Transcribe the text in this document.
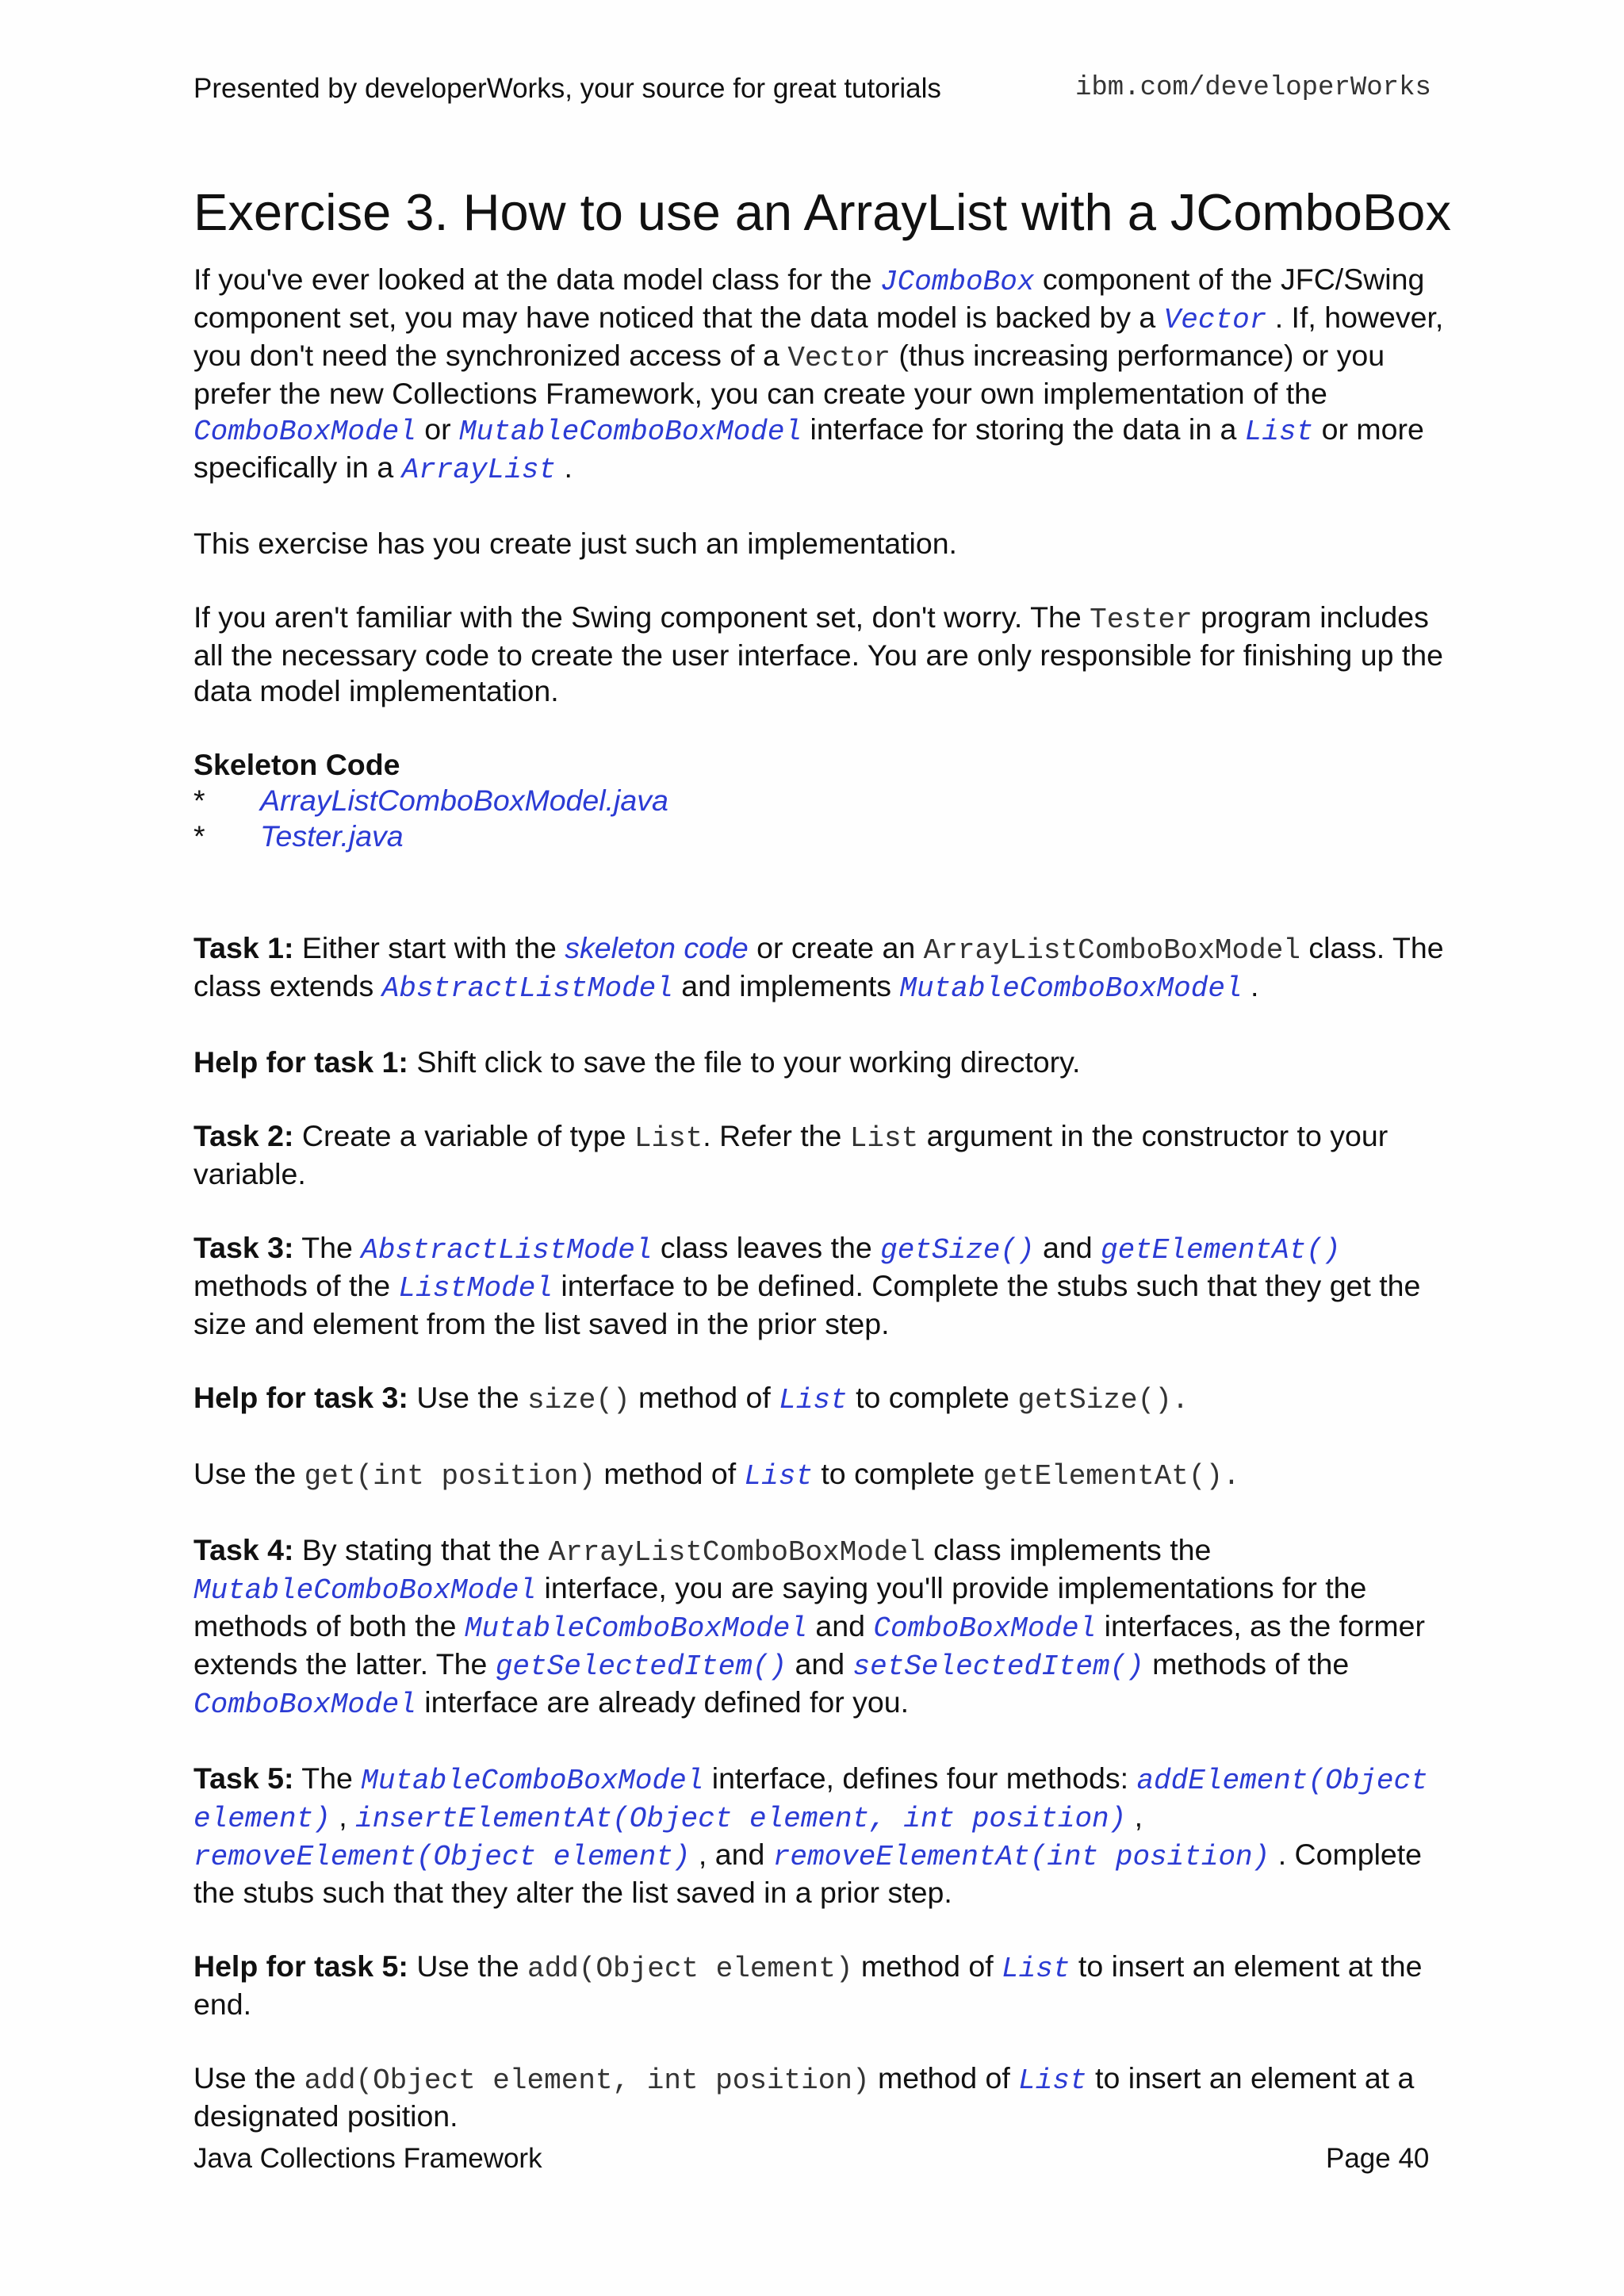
Presented by developerWorks, your source for great tutorials	ibm.com/developerWorks
Exercise 3. How to use an ArrayList with a JComboBox

If you've ever looked at the data model class for the JComboBox component of the JFC/Swing component set, you may have noticed that the data model is backed by a Vector . If, however, you don't need the synchronized access of a Vector (thus increasing performance) or you prefer the new Collections Framework, you can create your own implementation of the ComboBoxModel or MutableComboBoxModel interface for storing the data in a List or more specifically in a ArrayList .

This exercise has you create just such an implementation.

If you aren't familiar with the Swing component set, don't worry. The Tester program includes all the necessary code to create the user interface. You are only responsible for finishing up the data model implementation.

Skeleton Code
*	ArrayListComboBoxModel.java
*	Tester.java

Task 1: Either start with the skeleton code or create an ArrayListComboBoxModel class. The class extends AbstractListModel and implements MutableComboBoxModel .

Help for task 1: Shift click to save the file to your working directory.

Task 2: Create a variable of type List. Refer the List argument in the constructor to your variable.

Task 3: The AbstractListModel class leaves the getSize() and getElementAt() methods of the ListModel interface to be defined. Complete the stubs such that they get the size and element from the list saved in the prior step.

Help for task 3: Use the size() method of List to complete getSize().

Use the get(int position) method of List to complete getElementAt().

Task 4: By stating that the ArrayListComboBoxModel class implements the MutableComboBoxModel interface, you are saying you'll provide implementations for the methods of both the MutableComboBoxModel and ComboBoxModel interfaces, as the former extends the latter. The getSelectedItem() and setSelectedItem() methods of the ComboBoxModel interface are already defined for you.

Task 5: The MutableComboBoxModel interface, defines four methods: addElement(Object element) , insertElementAt(Object element, int position) , removeElement(Object element) , and removeElementAt(int position) . Complete the stubs such that they alter the list saved in a prior step.

Help for task 5: Use the add(Object element) method of List to insert an element at the end.

Use the add(Object element, int position) method of List to insert an element at a designated position.

Java Collections Framework	Page 40
